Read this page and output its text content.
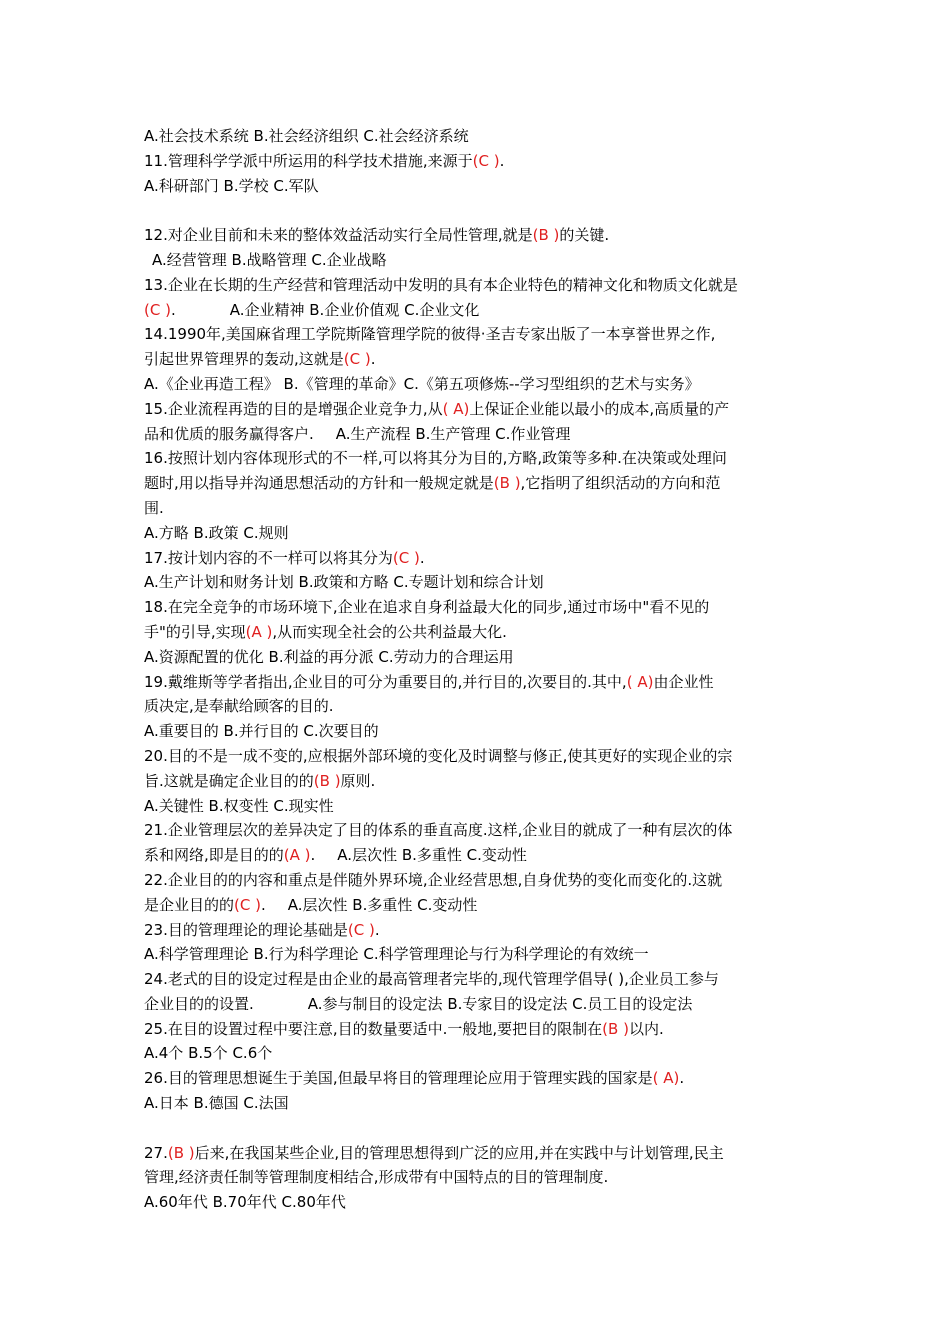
A.社会技术系统 B.社会经济组织 C.社会经济系统
11.管理科学学派中所运用的科学技术措施,来源于(C ).
A.科研部门 B.学校 C.军队
12.对企业目前和未来的整体效益活动实行全局性管理,就是(B )的关键.
A.经营管理 B.战略管理 C.企业战略
13.企业在长期的生产经营和管理活动中发明的具有本企业特色的精神文化和物质文化就是
(C ).	A.企业精神 B.企业价值观 C.企业文化
14.1990年,美国麻省理工学院斯隆管理学院的彼得·圣吉专家出版了一本享誉世界之作,
引起世界管理界的轰动,这就是(C ).
A.《企业再造工程》 B.《管理的革命》C.《第五项修炼--学习型组织的艺术与实务》
15.企业流程再造的目的是增强企业竞争力,从( A)上保证企业能以最小的成本,高质量的产
品和优质的服务赢得客户. A.生产流程 B.生产管理 C.作业管理
16.按照计划内容体现形式的不一样,可以将其分为目的,方略,政策等多种.在决策或处理问
题时,用以指导并沟通思想活动的方针和一般规定就是(B ),它指明了组织活动的方向和范
围.
A.方略 B.政策 C.规则
17.按计划内容的不一样可以将其分为(C ).
A.生产计划和财务计划 B.政策和方略 C.专题计划和综合计划
18.在完全竞争的市场环境下,企业在追求自身利益最大化的同步,通过市场中"看不见的
手"的引导,实现(A ),从而实现全社会的公共利益最大化.
A.资源配置的优化 B.利益的再分派 C.劳动力的合理运用
19.戴维斯等学者指出,企业目的可分为重要目的,并行目的,次要目的.其中,( A)由企业性
质决定,是奉献给顾客的目的.
A.重要目的 B.并行目的 C.次要目的
20.目的不是一成不变的,应根据外部环境的变化及时调整与修正,使其更好的实现企业的宗
旨.这就是确定企业目的的(B )原则.
A.关键性 B.权变性 C.现实性
21.企业管理层次的差异决定了目的体系的垂直高度.这样,企业目的就成了一种有层次的体
系和网络,即是目的的(A ). A.层次性 B.多重性 C.变动性
22.企业目的的内容和重点是伴随外界环境,企业经营思想,自身优势的变化而变化的.这就
是企业目的的(C ). A.层次性 B.多重性 C.变动性
23.目的管理理论的理论基础是(C ).
A.科学管理理论 B.行为科学理论 C.科学管理理论与行为科学理论的有效统一
24.老式的目的设定过程是由企业的最高管理者完毕的,现代管理学倡导( ),企业员工参与
企业目的的设置.	A.参与制目的设定法 B.专家目的设定法 C.员工目的设定法
25.在目的设置过程中要注意,目的数量要适中.一般地,要把目的限制在(B )以内.
A.4个 B.5个 C.6个
26.目的管理思想诞生于美国,但最早将目的管理理论应用于管理实践的国家是( A).
A.日本 B.德国 C.法国
27.(B )后来,在我国某些企业,目的管理思想得到广泛的应用,并在实践中与计划管理,民主
管理,经济责任制等管理制度相结合,形成带有中国特点的目的管理制度.
A.60年代 B.70年代 C.80年代
